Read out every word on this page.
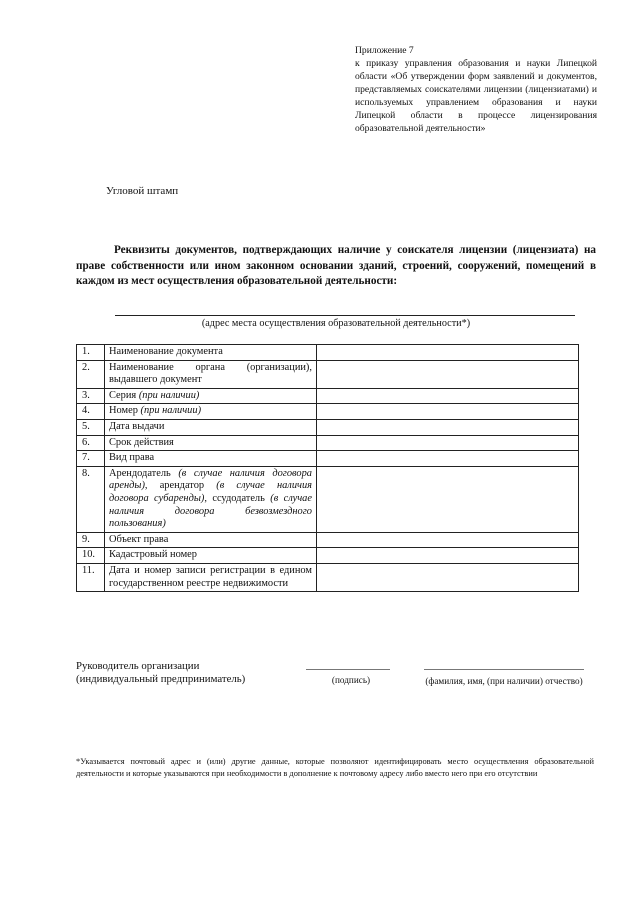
Приложение 7
к приказу управления образования и науки Липецкой области «Об утверждении форм заявлений и документов, представляемых соискателями лицензии (лицензиатами) и используемых управлением образования и науки Липецкой области в процессе лицензирования образовательной деятельности»
Угловой штамп

Реквизиты документов, подтверждающих наличие у соискателя лицензии (лицензиата) на праве собственности или ином законном основании зданий, строений, сооружений, помещений в каждом из мест осуществления образовательной деятельности:

(адрес места осуществления образовательной деятельности*)
1.	Наименование документа	
2.	Наименование органа (организации), выдавшего документ	
3.	Серия (при наличии)	
4.	Номер (при наличии)	
5.	Дата выдачи	
6.	Срок действия	
7.	Вид права	
8.	Арендодатель (в случае наличия договора аренды), арендатор (в случае наличия договора субаренды), ссудодатель (в случае наличия договора безвозмездного пользования)	
9.	Объект права	
10.	Кадастровый номер	
11.	Дата и номер записи регистрации в едином государственном реестре недвижимости	
Руководитель организации
(индивидуальный предприниматель)	(подпись)	(фамилия, имя, (при наличии) отчество)
*Указывается почтовый адрес и (или) другие данные, которые позволяют идентифицировать место осуществления образовательной деятельности и которые указываются при необходимости в дополнение к почтовому адресу либо вместо него при его отсутствии
